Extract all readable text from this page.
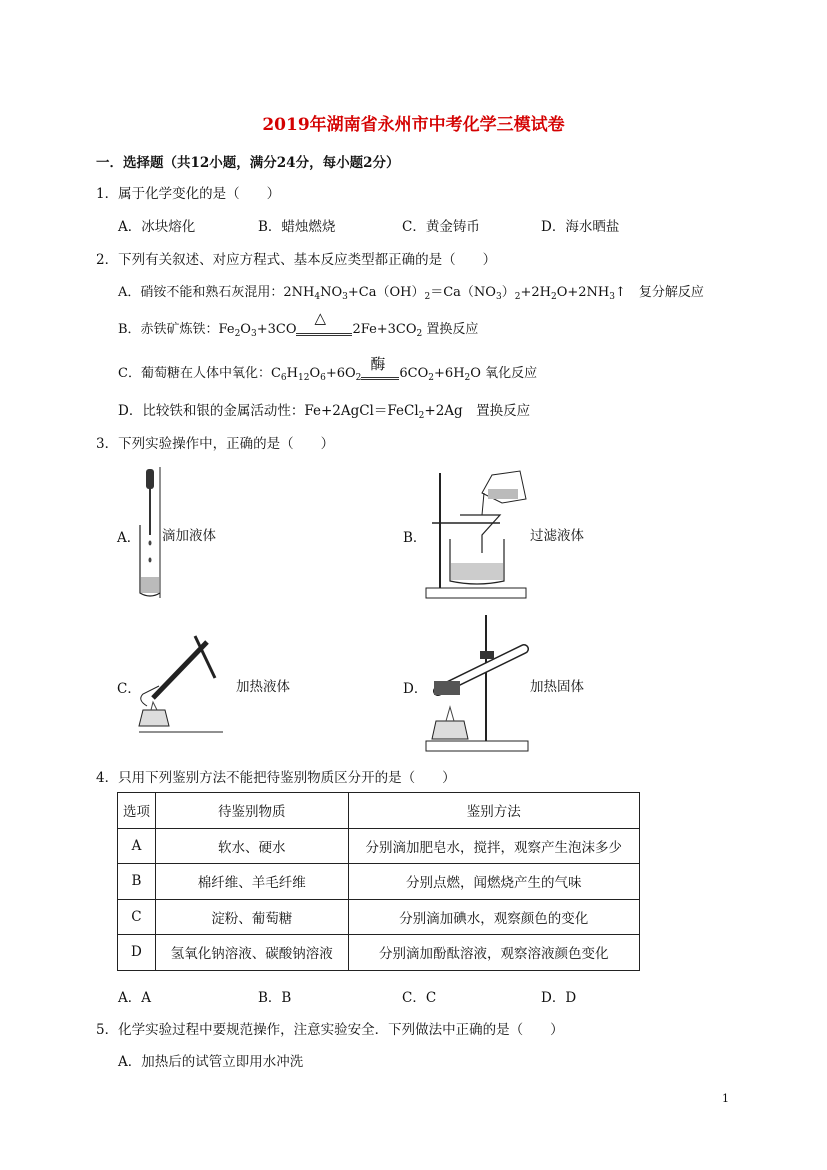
2019年湖南省永州市中考化学三模试卷
一．选择题（共12小题，满分24分，每小题2分）
1．属于化学变化的是（　　）
A．冰块熔化	B．蜡烛燃烧	C．黄金铸币	D．海水晒盐
2．下列有关叙述、对应方程式、基本反应类型都正确的是（　　）
A．硝铵不能和熟石灰混用：$2NH_4NO_3+Ca(OH)_2=Ca(NO_3)_2+2H_2O+2NH_3↑$　复分解反应
B．赤铁矿炼铁：$Fe_2O_3+3CO$
△
$2Fe+3CO_2$ 置换反应
C．葡萄糖在人体中氧化：$C_6H_{12}O_6+6O_2$
酶
$6CO_2+6H_2O$ 氧化反应
D．比较铁和银的金属活动性：Fe+2AgCl＝FeCl$_2$+2Ag　置换反应
3．下列实验操作中，正确的是（　　）
A． 滴加液体	B．	过滤液体
C．	加热液体	D．	加热固体
4．只用下列鉴别方法不能把待鉴别物质区分开的是（　　）
选项	待鉴别物质	鉴别方法
A	软水、硬水	分别滴加肥皂水，搅拌，观察产生泡沫多少
B	棉纤维、羊毛纤维	分别点燃，闻燃烧产生的气味
C	淀粉、葡萄糖	分别滴加碘水，观察颜色的变化
D	氢氧化钠溶液、碳酸钠溶液	分别滴加酚酞溶液，观察溶液颜色变化
A．A	B．B	C．C	D．D
5．化学实验过程中要规范操作，注意实验安全．下列做法中正确的是（　　）
A．加热后的试管立即用水冲洗
1
